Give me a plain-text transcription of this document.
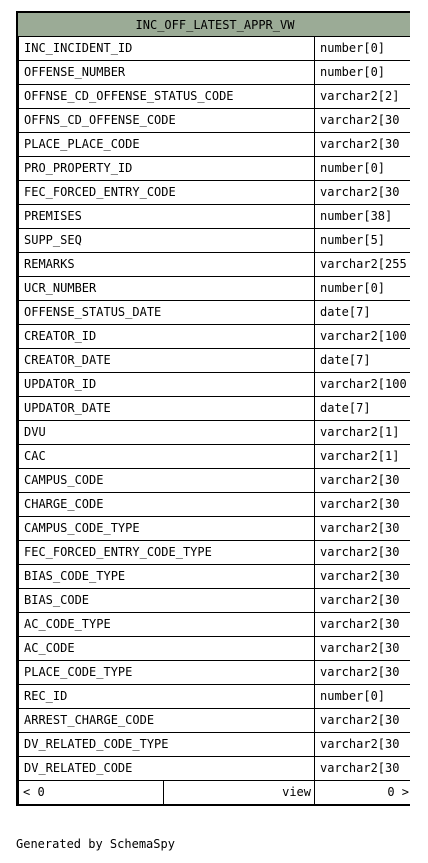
INC_OFF_LATEST_APPR_VW
INC_INCIDENT_ID	number[0]
OFFENSE_NUMBER	number[0]
OFFNSE_CD_OFFENSE_STATUS_CODE	varchar2[2]
OFFNS_CD_OFFENSE_CODE	varchar2[30
PLACE_PLACE_CODE	varchar2[30
PRO_PROPERTY_ID	number[0]
FEC_FORCED_ENTRY_CODE	varchar2[30
PREMISES	number[38]
SUPP_SEQ	number[5]
REMARKS	varchar2[255
UCR_NUMBER	number[0]
OFFENSE_STATUS_DATE	date[7]
CREATOR_ID	varchar2[100
CREATOR_DATE	date[7]
UPDATOR_ID	varchar2[100
UPDATOR_DATE	date[7]
DVU	varchar2[1]
CAC	varchar2[1]
CAMPUS_CODE	varchar2[30
CHARGE_CODE	varchar2[30
CAMPUS_CODE_TYPE	varchar2[30
FEC_FORCED_ENTRY_CODE_TYPE	varchar2[30
BIAS_CODE_TYPE	varchar2[30
BIAS_CODE	varchar2[30
AC_CODE_TYPE	varchar2[30
AC_CODE	varchar2[30
PLACE_CODE_TYPE	varchar2[30
REC_ID	number[0]
ARREST_CHARGE_CODE	varchar2[30
DV_RELATED_CODE_TYPE	varchar2[30
DV_RELATED_CODE	varchar2[30
< 0	view	0 >
Generated by SchemaSpy
